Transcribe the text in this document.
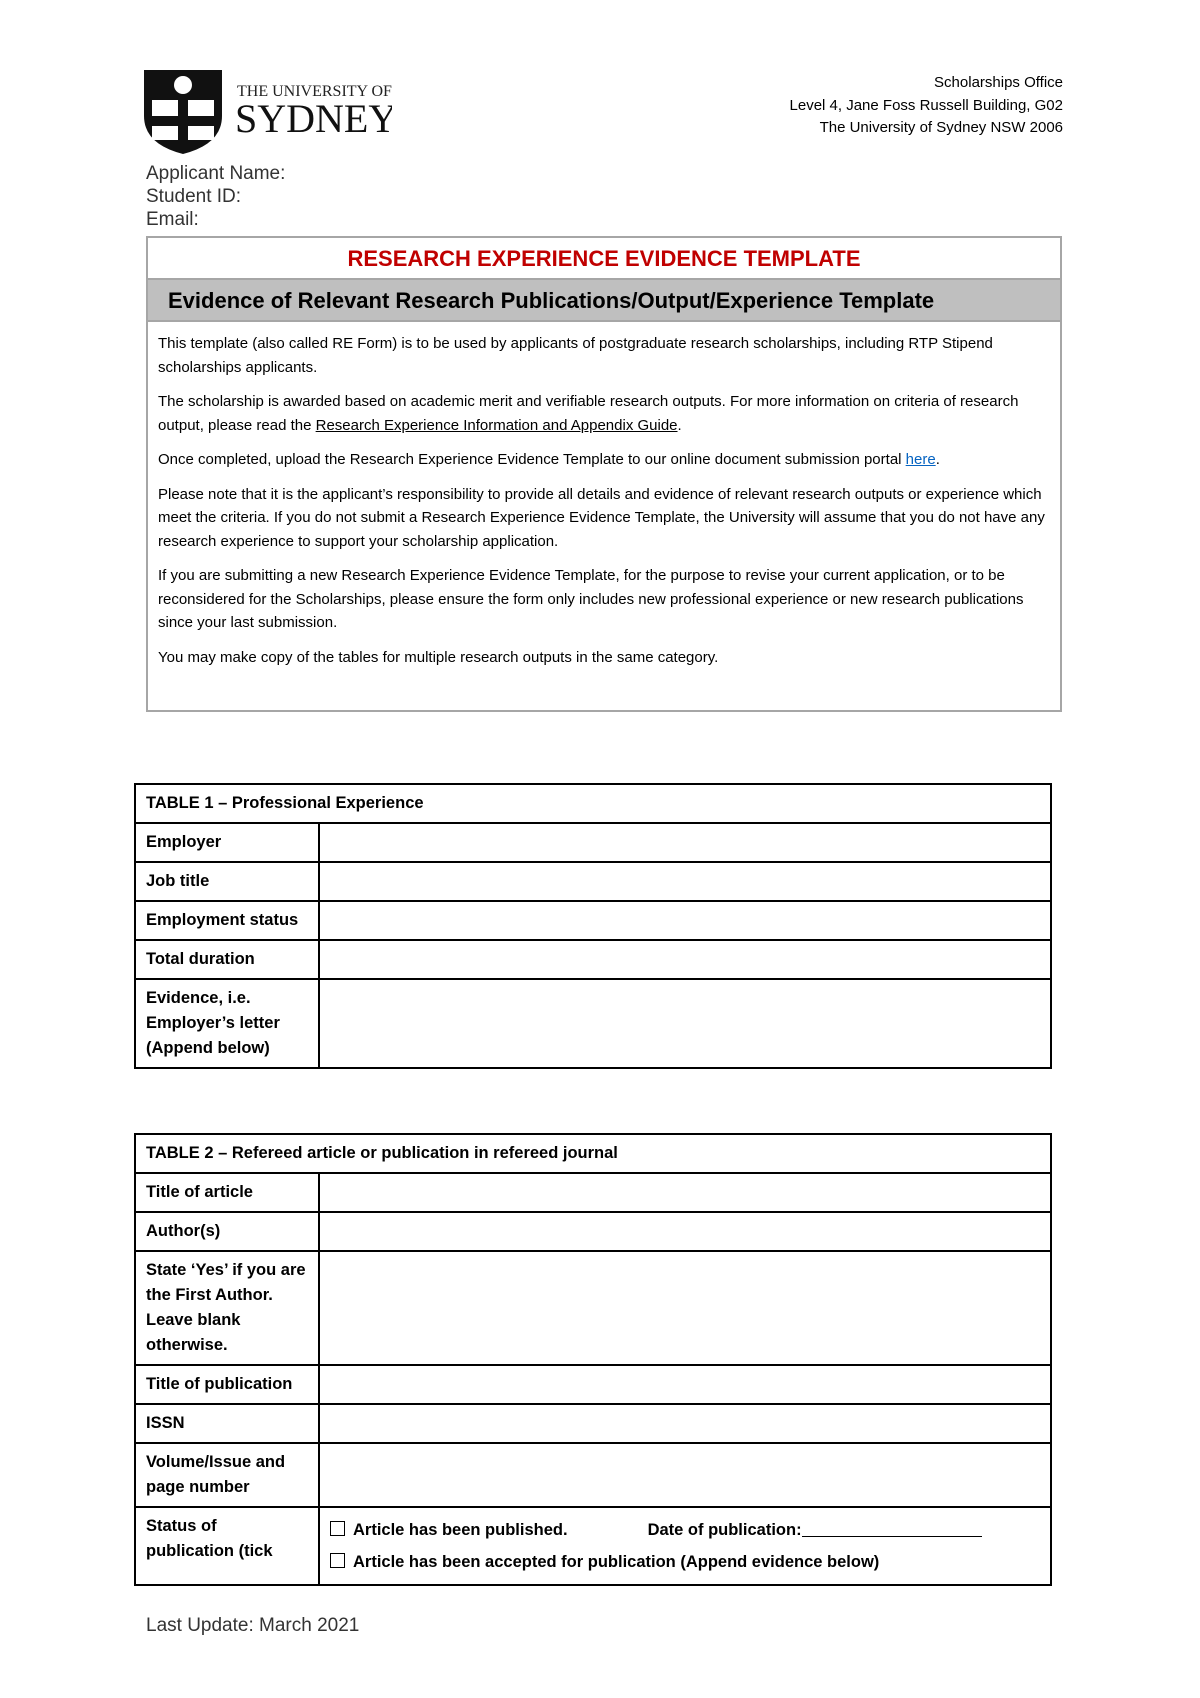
THE UNIVERSITY OF
SYDNEY
Scholarships Office
Level 4, Jane Foss Russell Building, G02
The University of Sydney NSW 2006
Applicant Name:
Student ID:
Email:
RESEARCH EXPERIENCE EVIDENCE TEMPLATE
Evidence of Relevant Research Publications/Output/Experience Template

This template (also called RE Form) is to be used by applicants of postgraduate research scholarships, including RTP Stipend scholarships applicants.

The scholarship is awarded based on academic merit and verifiable research outputs. For more information on criteria of research output, please read the Research Experience Information and Appendix Guide.

Once completed, upload the Research Experience Evidence Template to our online document submission portal here.

Please note that it is the applicant’s responsibility to provide all details and evidence of relevant research outputs or experience which meet the criteria. If you do not submit a Research Experience Evidence Template, the University will assume that you do not have any research experience to support your scholarship application.

If you are submitting a new Research Experience Evidence Template, for the purpose to revise your current application, or to be reconsidered for the Scholarships, please ensure the form only includes new professional experience or new research publications since your last submission.

You may make copy of the tables for multiple research outputs in the same category.

TABLE 1 – Professional Experience	
Employer	
Job title	
Employment status	
Total duration	
Evidence, i.e. Employer’s letter (Append below)	
TABLE 2 – Refereed article or publication in refereed journal	
Title of article	
Author(s)	
State ‘Yes’ if you are the First Author. Leave blank otherwise.	
Title of publication	
ISSN	
Volume/Issue and page number	
Status of publication (tick	Article has been published. Date of publication:
Article has been accepted for publication (Append evidence below)
Last Update: March 2021
